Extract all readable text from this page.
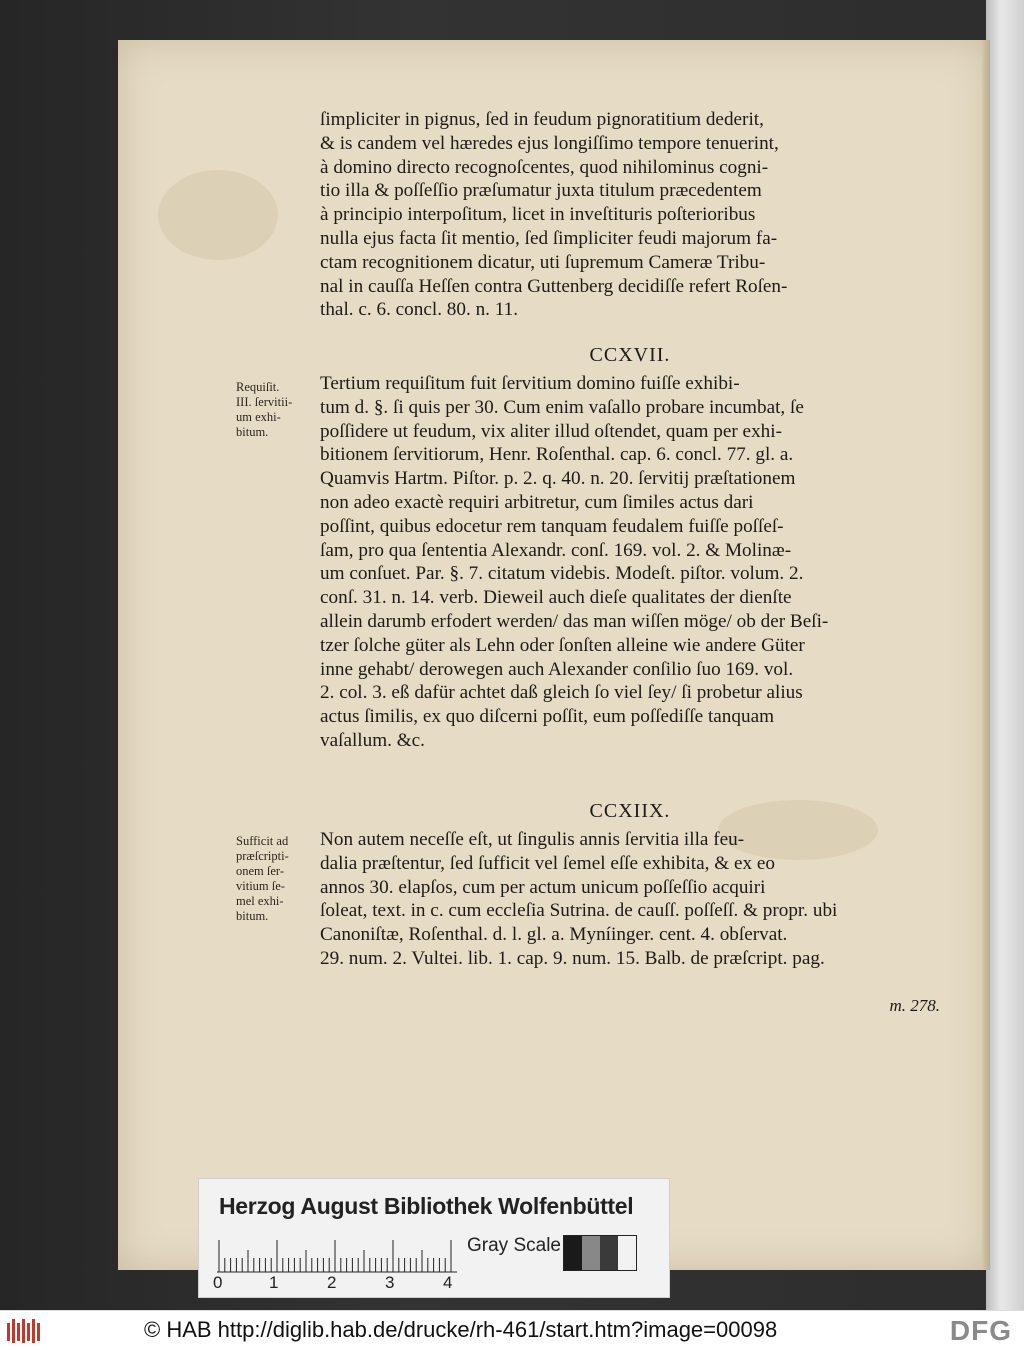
ſimpliciter in pignus, ſed in feudum pignoratitium dederit,
& is candem vel hæredes ejus longiſſimo tempore tenuerint,
à domino directo recognoſcentes, quod nihilominus cogni-
tio illa & poſſeſſio præſumatur juxta titulum præcedentem
à principio interpoſitum, licet in inveſtituris poſterioribus
nulla ejus facta ſit mentio, ſed ſimpliciter feudi majorum fa-
ctam recognitionem dicatur, uti ſupremum Cameræ Tribu-
nal in cauſſa Heſſen contra Guttenberg decidiſſe refert Roſen-
thal. c. 6. concl. 80. n. 11.
CCXVII.
Requiſit.
III. ſervitii-
um exhi-
bitum.
Tertium requiſitum fuit ſervitium domino fuiſſe exhibi-
tum d. §. ſi quis per 30. Cum enim vaſallo probare incumbat, ſe
poſſidere ut feudum, vix aliter illud oſtendet, quam per exhi-
bitionem ſervitiorum, Henr. Roſenthal. cap. 6. concl. 77. gl. a.
Quamvis Hartm. Piſtor. p. 2. q. 40. n. 20. ſervitij præſtationem
non adeo exactè requiri arbitretur, cum ſimiles actus dari
poſſint, quibus edocetur rem tanquam feudalem fuiſſe poſſeſ-
ſam, pro qua ſententia Alexandr. conſ. 169. vol. 2. & Molinæ-
um conſuet. Par. §. 7. citatum videbis. Modeſt. piſtor. volum. 2.
conſ. 31. n. 14. verb. Dieweil auch dieſe qualitates der dienſte
allein darumb erfodert werden/ das man wiſſen möge/ ob der Beſi-
tzer ſolche güter als Lehn oder ſonſten alleine wie andere Güter
inne gehabt/ derowegen auch Alexander conſilio ſuo 169. vol.
2. col. 3. eß dafür achtet daß gleich ſo viel ſey/ ſi probetur alius
actus ſimilis, ex quo diſcerni poſſit, eum poſſediſſe tanquam
vaſallum. &c.
CCXIIX.
Sufficit ad
præſcripti-
onem ſer-
vitium ſe-
mel exhi-
bitum.
Non autem neceſſe eſt, ut ſingulis annis ſervitia illa feu-
dalia præſtentur, ſed ſufficit vel ſemel eſſe exhibita, & ex eo
annos 30. elapſos, cum per actum unicum poſſeſſio acquiri
ſoleat, text. in c. cum eccleſia Sutrina. de cauſſ. poſſeſſ. & propr. ubi
Canoniſtæ, Roſenthal. d. l. gl. a. Myníinger. cent. 4. obſervat.
29. num. 2. Vultei. lib. 1. cap. 9. num. 15. Balb. de præſcript. pag.
m. 278.
Herzog August Bibliothek Wolfenbüttel
0	1	2	3	4
Gray Scale
© HAB http://diglib.hab.de/drucke/rh-461/start.htm?image=00098	DFG
